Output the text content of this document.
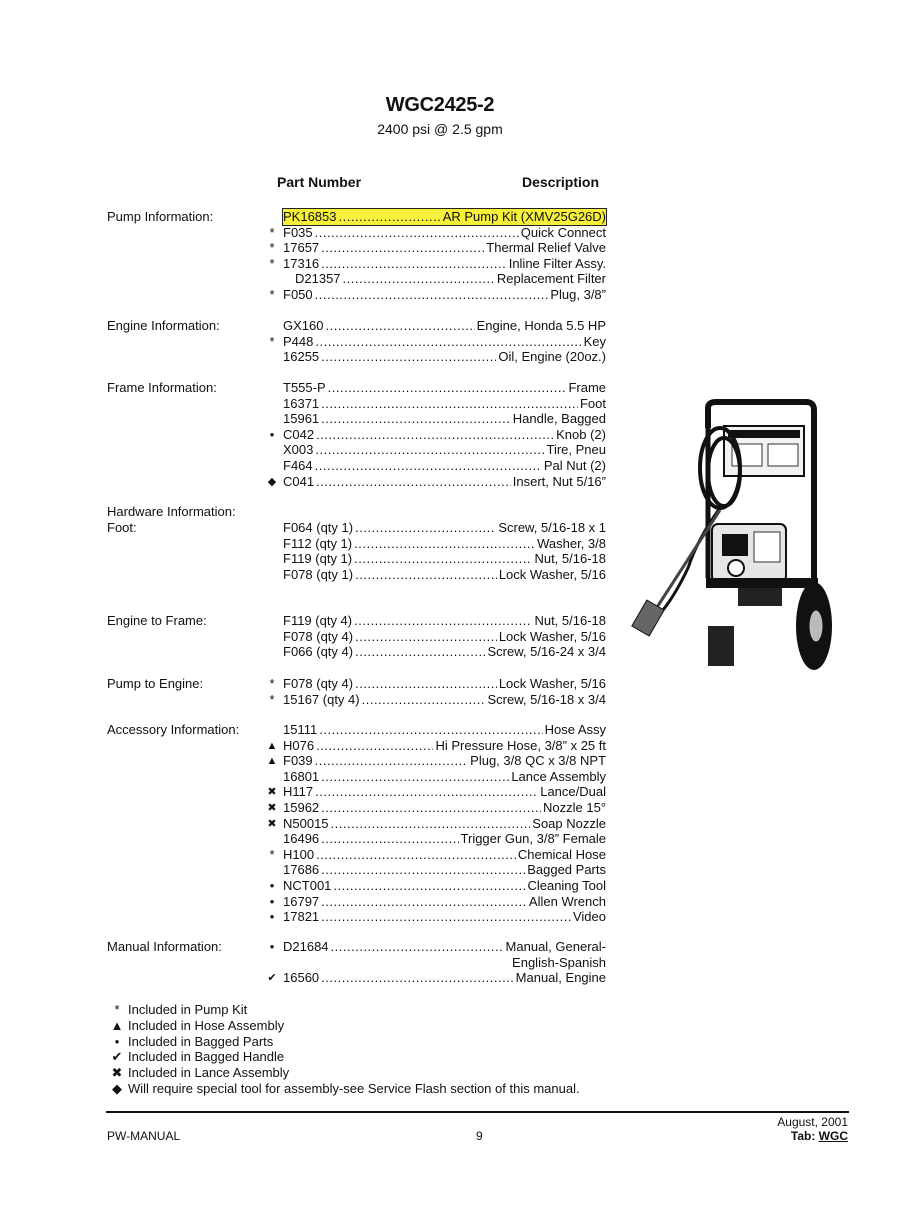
WGC2425-2
2400 psi @ 2.5 gpm
Part Number	Description
Pump Information:	PK16853 .....	AR Pump Kit (XMV25G26D)
* F035 .....	Quick Connect
* 17657 .....	Thermal Relief Valve
* 17316 .....	Inline Filter Assy.
D21357 .....	Replacement Filter
* F050 .....	Plug, 3/8”
Engine Information:	GX160 .....	Engine, Honda 5.5 HP
* P448 .....	Key
16255 .....	Oil, Engine (20oz.)
Frame Information:	T555-P .....	Frame
16371 .....	Foot
15961 .....	Handle, Bagged
• C042 .....	Knob (2)
X003 .....	Tire, Pneu
F464 .....	Pal Nut (2)
◆ C041 .....	Insert, Nut 5/16”
Hardware Information:
Foot:	F064 (qty 1) .....	Screw, 5/16-18 x 1
F112 (qty 1) .....	Washer, 3/8
F119 (qty 1) .....	Nut, 5/16-18
F078 (qty 1) .....	Lock Washer, 5/16
Engine to Frame:	F119 (qty 4) .....	Nut, 5/16-18
F078 (qty 4) .....	Lock Washer, 5/16
F066 (qty 4) .....	Screw, 5/16-24 x 3/4
Pump to Engine:	* F078 (qty 4) .....	Lock Washer, 5/16
* 15167 (qty 4) .....	Screw, 5/16-18 x 3/4
Accessory Information:	15111 .....	Hose Assy
▲ H076 .....	Hi Pressure Hose, 3/8” x 25 ft
▲ F039 .....	Plug, 3/8 QC x 3/8 NPT
16801 .....	Lance Assembly
✖ H117 .....	Lance/Dual
✖ 15962 .....	Nozzle 15°
✖ N50015 .....	Soap Nozzle
16496 .....	Trigger Gun, 3/8” Female
* H100 .....	Chemical Hose
17686 .....	Bagged Parts
• NCT001 .....	Cleaning Tool
• 16797 .....	Allen Wrench
• 17821 .....	Video
Manual Information:	• D21684 .....	Manual, General-
English-Spanish
✔ 16560 .....	Manual, Engine
* Included in Pump Kit
▲ Included in Hose Assembly
• Included in Bagged Parts
✔ Included in Bagged Handle
✖ Included in Lance Assembly
◆ Will require special tool for assembly-see Service Flash section of this manual.
PW-MANUAL	9
August, 2001
Tab: WGC
